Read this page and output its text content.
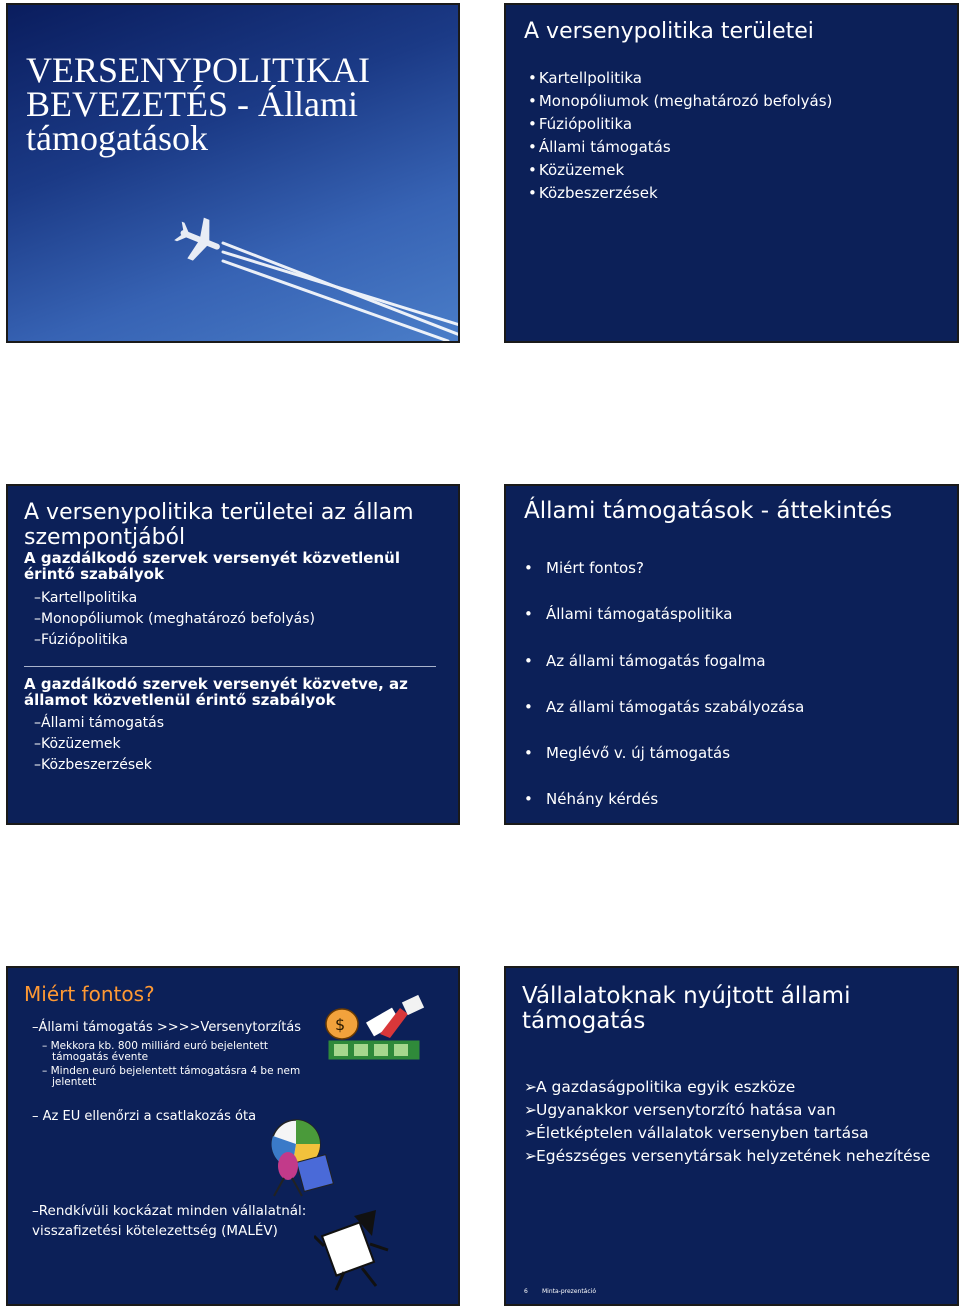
VERSENYPOLITIKAI BEVEZETÉS - Állami támogatások
A versenypolitika területei
• Kartellpolitika
• Monopóliumok (meghatározó befolyás)
• Fúziópolitika
• Állami támogatás
• Közüzemek
• Közbeszerzések
A versenypolitika területei az állam szempontjából
A gazdálkodó szervek versenyét közvetlenül érintő szabályok
–Kartellpolitika
–Monopóliumok (meghatározó befolyás)
–Fúziópolitika
A gazdálkodó szervek versenyét közvetve, az államot közvetlenül érintő szabályok
–Állami támogatás
–Közüzemek
–Közbeszerzések
Állami támogatások - áttekintés
• Miért fontos?
• Állami támogatáspolitika
• Az állami támogatás fogalma
• Az állami támogatás szabályozása
• Meglévő v. új támogatás
• Néhány kérdés
Miért fontos?
–Állami támogatás >>>>Versenytorzítás
– Mekkora kb. 800 milliárd euró bejelentett
támogatás évente
– Minden euró bejelentett támogatásra 4 be nem
jelentett
– Az EU ellenőrzi a csatlakozás óta
–Rendkívüli kockázat minden vállalatnál:
visszafizetési kötelezettség (MALÉV)
$
Vállalatoknak nyújtott állami támogatás
➢A gazdaságpolitika egyik eszköze
➢Ugyanakkor versenytorzító hatása van
➢Életképtelen vállalatok versenyben tartása
➢Egészséges versenytársak helyzetének nehezítése
6 Minta-prezentáció
